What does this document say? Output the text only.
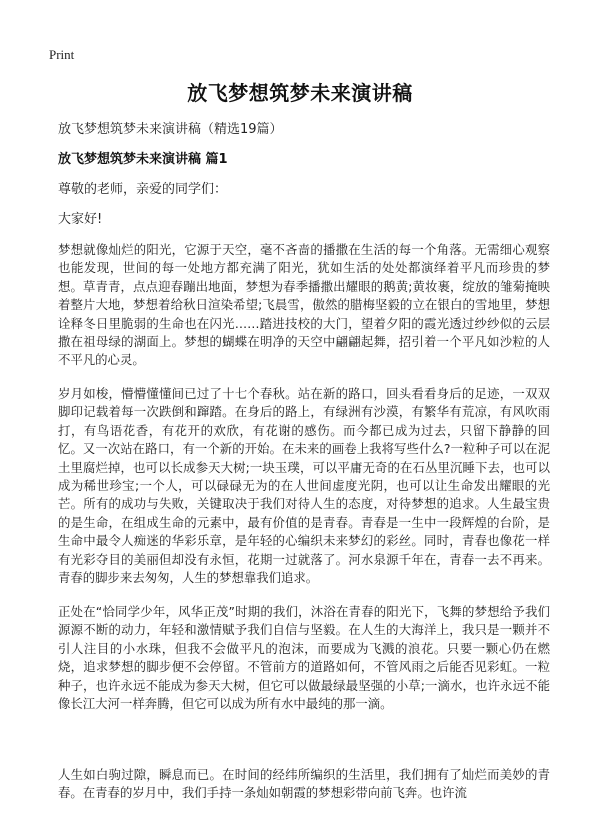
Print
放飞梦想筑梦未来演讲稿
放飞梦想筑梦未来演讲稿（精选19篇）
放飞梦想筑梦未来演讲稿 篇1
尊敬的老师，亲爱的同学们：
大家好!

梦想就像灿烂的阳光，它源于天空，毫不吝啬的播撒在生活的每一个角落。无需细心观察也能发现，世间的每一处地方都充满了阳光，犹如生活的处处都演绎着平凡而珍贵的梦想。草青青，点点迎春蹦出地面，梦想为春季播撒出耀眼的鹅黄;黄妆裹，绽放的雏菊掩映着整片大地，梦想着给秋日渲染希望;飞晨雪，傲然的腊梅坚毅的立在银白的雪地里，梦想诠释冬日里脆弱的生命也在闪光……踏进技校的大门，望着夕阳的霞光透过纱纱似的云层撒在祖母绿的湖面上。梦想的蝴蝶在明净的天空中翩翩起舞，招引着一个平凡如沙粒的人不平凡的心灵。

岁月如梭，懵懵懂懂间已过了十七个春秋。站在新的路口，回头看看身后的足迹，一双双脚印记载着每一次跌倒和蹿踏。在身后的路上，有绿洲有沙漠，有繁华有荒凉，有风吹雨打，有鸟语花香，有花开的欢欣，有花谢的感伤。而今都已成为过去，只留下静静的回忆。又一次站在路口，有一个新的开始。在未来的画卷上我将写些什么?一粒种子可以在泥土里腐烂掉，也可以长成参天大树;一块玉璞，可以平庸无奇的在石丛里沉睡下去，也可以成为稀世珍宝;一个人，可以碌碌无为的在人世间虚度光阴，也可以让生命发出耀眼的光芒。所有的成功与失败，关键取决于我们对待人生的态度，对待梦想的追求。人生最宝贵的是生命，在组成生命的元素中，最有价值的是青春。青春是一生中一段辉煌的台阶，是生命中最令人痴迷的华彩乐章，是年轻的心编织未来梦幻的彩丝。同时，青春也像花一样有光彩夺目的美丽但却没有永恒，花期一过就落了。河水泉源千年在，青春一去不再来。青春的脚步来去匆匆，人生的梦想靠我们追求。

正处在“恰同学少年，风华正茂”时期的我们，沐浴在青春的阳光下，飞舞的梦想给予我们源源不断的动力，年轻和激情赋予我们自信与坚毅。在人生的大海洋上，我只是一颗并不引人注目的小水珠，但我不会做平凡的泡沫，而要成为飞溅的浪花。只要一颗心仍在燃烧，追求梦想的脚步便不会停留。不管前方的道路如何，不管风雨之后能否见彩虹。一粒种子，也许永远不能成为参天大树，但它可以做最绿最坚强的小草;一滴水，也许永远不能像长江大河一样奔腾，但它可以成为所有水中最纯的那一滴。

人生如白驹过隙，瞬息而已。在时间的经纬所编织的生活里，我们拥有了灿烂而美妙的青春。在青春的岁月中，我们手持一条灿如朝霞的梦想彩带向前飞奔。也许流
